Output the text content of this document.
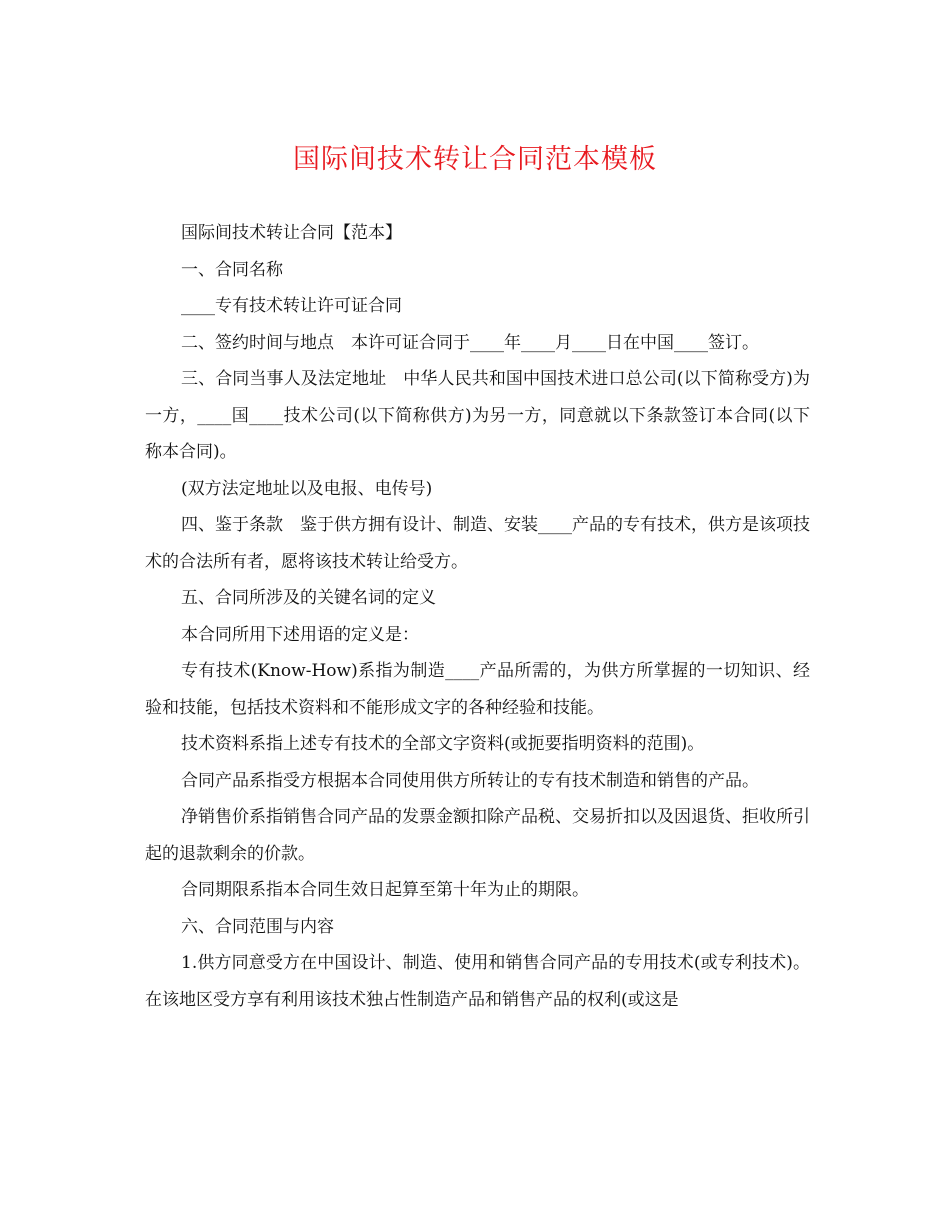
国际间技术转让合同范本模板

国际间技术转让合同【范本】

一、合同名称

____专有技术转让许可证合同

二、签约时间与地点　本许可证合同于____年____月____日在中国____签订。

三、合同当事人及法定地址　中华人民共和国中国技术进口总公司(以下简称受方)为一方，____国____技术公司(以下简称供方)为另一方，同意就以下条款签订本合同(以下称本合同)。

(双方法定地址以及电报、电传号)

四、鉴于条款　鉴于供方拥有设计、制造、安装____产品的专有技术，供方是该项技术的合法所有者，愿将该技术转让给受方。

五、合同所涉及的关键名词的定义

本合同所用下述用语的定义是：

专有技术(Know-How)系指为制造____产品所需的，为供方所掌握的一切知识、经验和技能，包括技术资料和不能形成文字的各种经验和技能。

技术资料系指上述专有技术的全部文字资料(或扼要指明资料的范围)。

合同产品系指受方根据本合同使用供方所转让的专有技术制造和销售的产品。

净销售价系指销售合同产品的发票金额扣除产品税、交易折扣以及因退货、拒收所引起的退款剩余的价款。

合同期限系指本合同生效日起算至第十年为止的期限。

六、合同范围与内容

1.供方同意受方在中国设计、制造、使用和销售合同产品的专用技术(或专利技术)。在该地区受方享有利用该技术独占性制造产品和销售产品的权利(或这是
